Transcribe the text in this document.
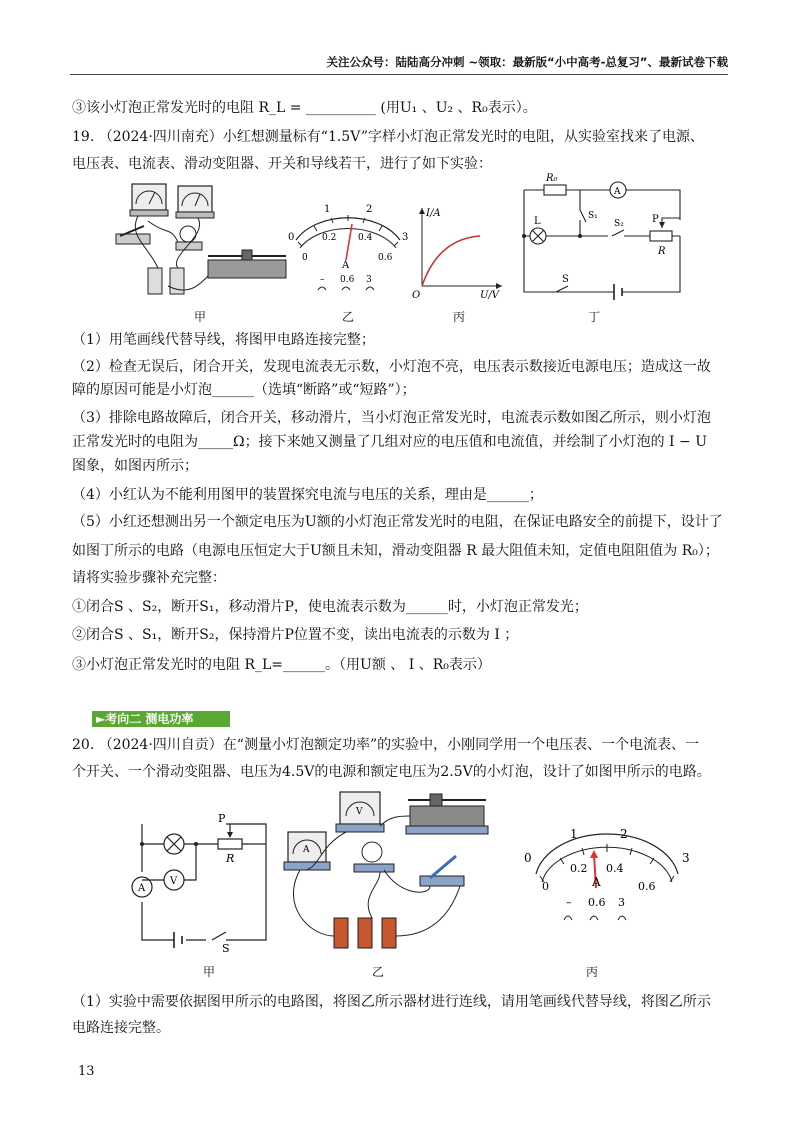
关注公众号：陆陆高分冲刺 ~领取：最新版“小中高考-总复习”、最新试卷下载
③该小灯泡正常发光时的电阻 R_L = __________ (用U₁ 、U₂ 、R₀表示）。
19. （2024·四川南充）小红想测量标有“1.5V”字样小灯泡正常发光时的电阻，从实验室找来了电源、
电压表、电流表、滑动变阻器、开关和导线若干，进行了如下实验：
甲
0
1	2
3
0
0.2 0.4
0.6
A
– 0.6 3
乙
I/A
U/V
O
丙
R₀
A
L	S₁
S₂	P
R
S
丁
（1）用笔画线代替导线，将图甲电路连接完整；
（2）检查无误后，闭合开关，发现电流表无示数，小灯泡不亮，电压表示数接近电源电压；造成这一故
障的原因可能是小灯泡______（选填“断路”或“短路”）；
（3）排除电路故障后，闭合开关，移动滑片，当小灯泡正常发光时，电流表示数如图乙所示，则小灯泡
正常发光时的电阻为_____Ω；接下来她又测量了几组对应的电压值和电流值，并绘制了小灯泡的 I − U
图象，如图丙所示；
（4）小红认为不能利用图甲的装置探究电流与电压的关系，理由是______；
（5）小红还想测出另一个额定电压为U额的小灯泡正常发光时的电阻，在保证电路安全的前提下，设计了
如图丁所示的电路（电源电压恒定大于U额且未知，滑动变阻器 R 最大阻值未知，定值电阻阻值为 R₀）；
请将实验步骤补充完整：
①闭合S 、S₂，断开S₁，移动滑片P，使电流表示数为______时，小灯泡正常发光；
②闭合S 、S₁，断开S₂，保持滑片P位置不变，读出电流表的示数为 I ；
③小灯泡正常发光时的电阻 R_L=______。（用U额 、 I 、R₀表示）
►考向二 测电功率
20. （2024·四川自贡）在“测量小灯泡额定功率”的实验中，小刚同学用一个电压表、一个电流表、一
个开关、一个滑动变阻器、电压为4.5V的电源和额定电压为2.5V的小灯泡，设计了如图甲所示的电路。
P
R
V
A
S
甲
V
A
乙
0
1	2
3
0
0.2 0.4
0.6
A
– 0.6 3
丙
（1）实验中需要依据图甲所示的电路图，将图乙所示器材进行连线，请用笔画线代替导线，将图乙所示
电路连接完整。
13
